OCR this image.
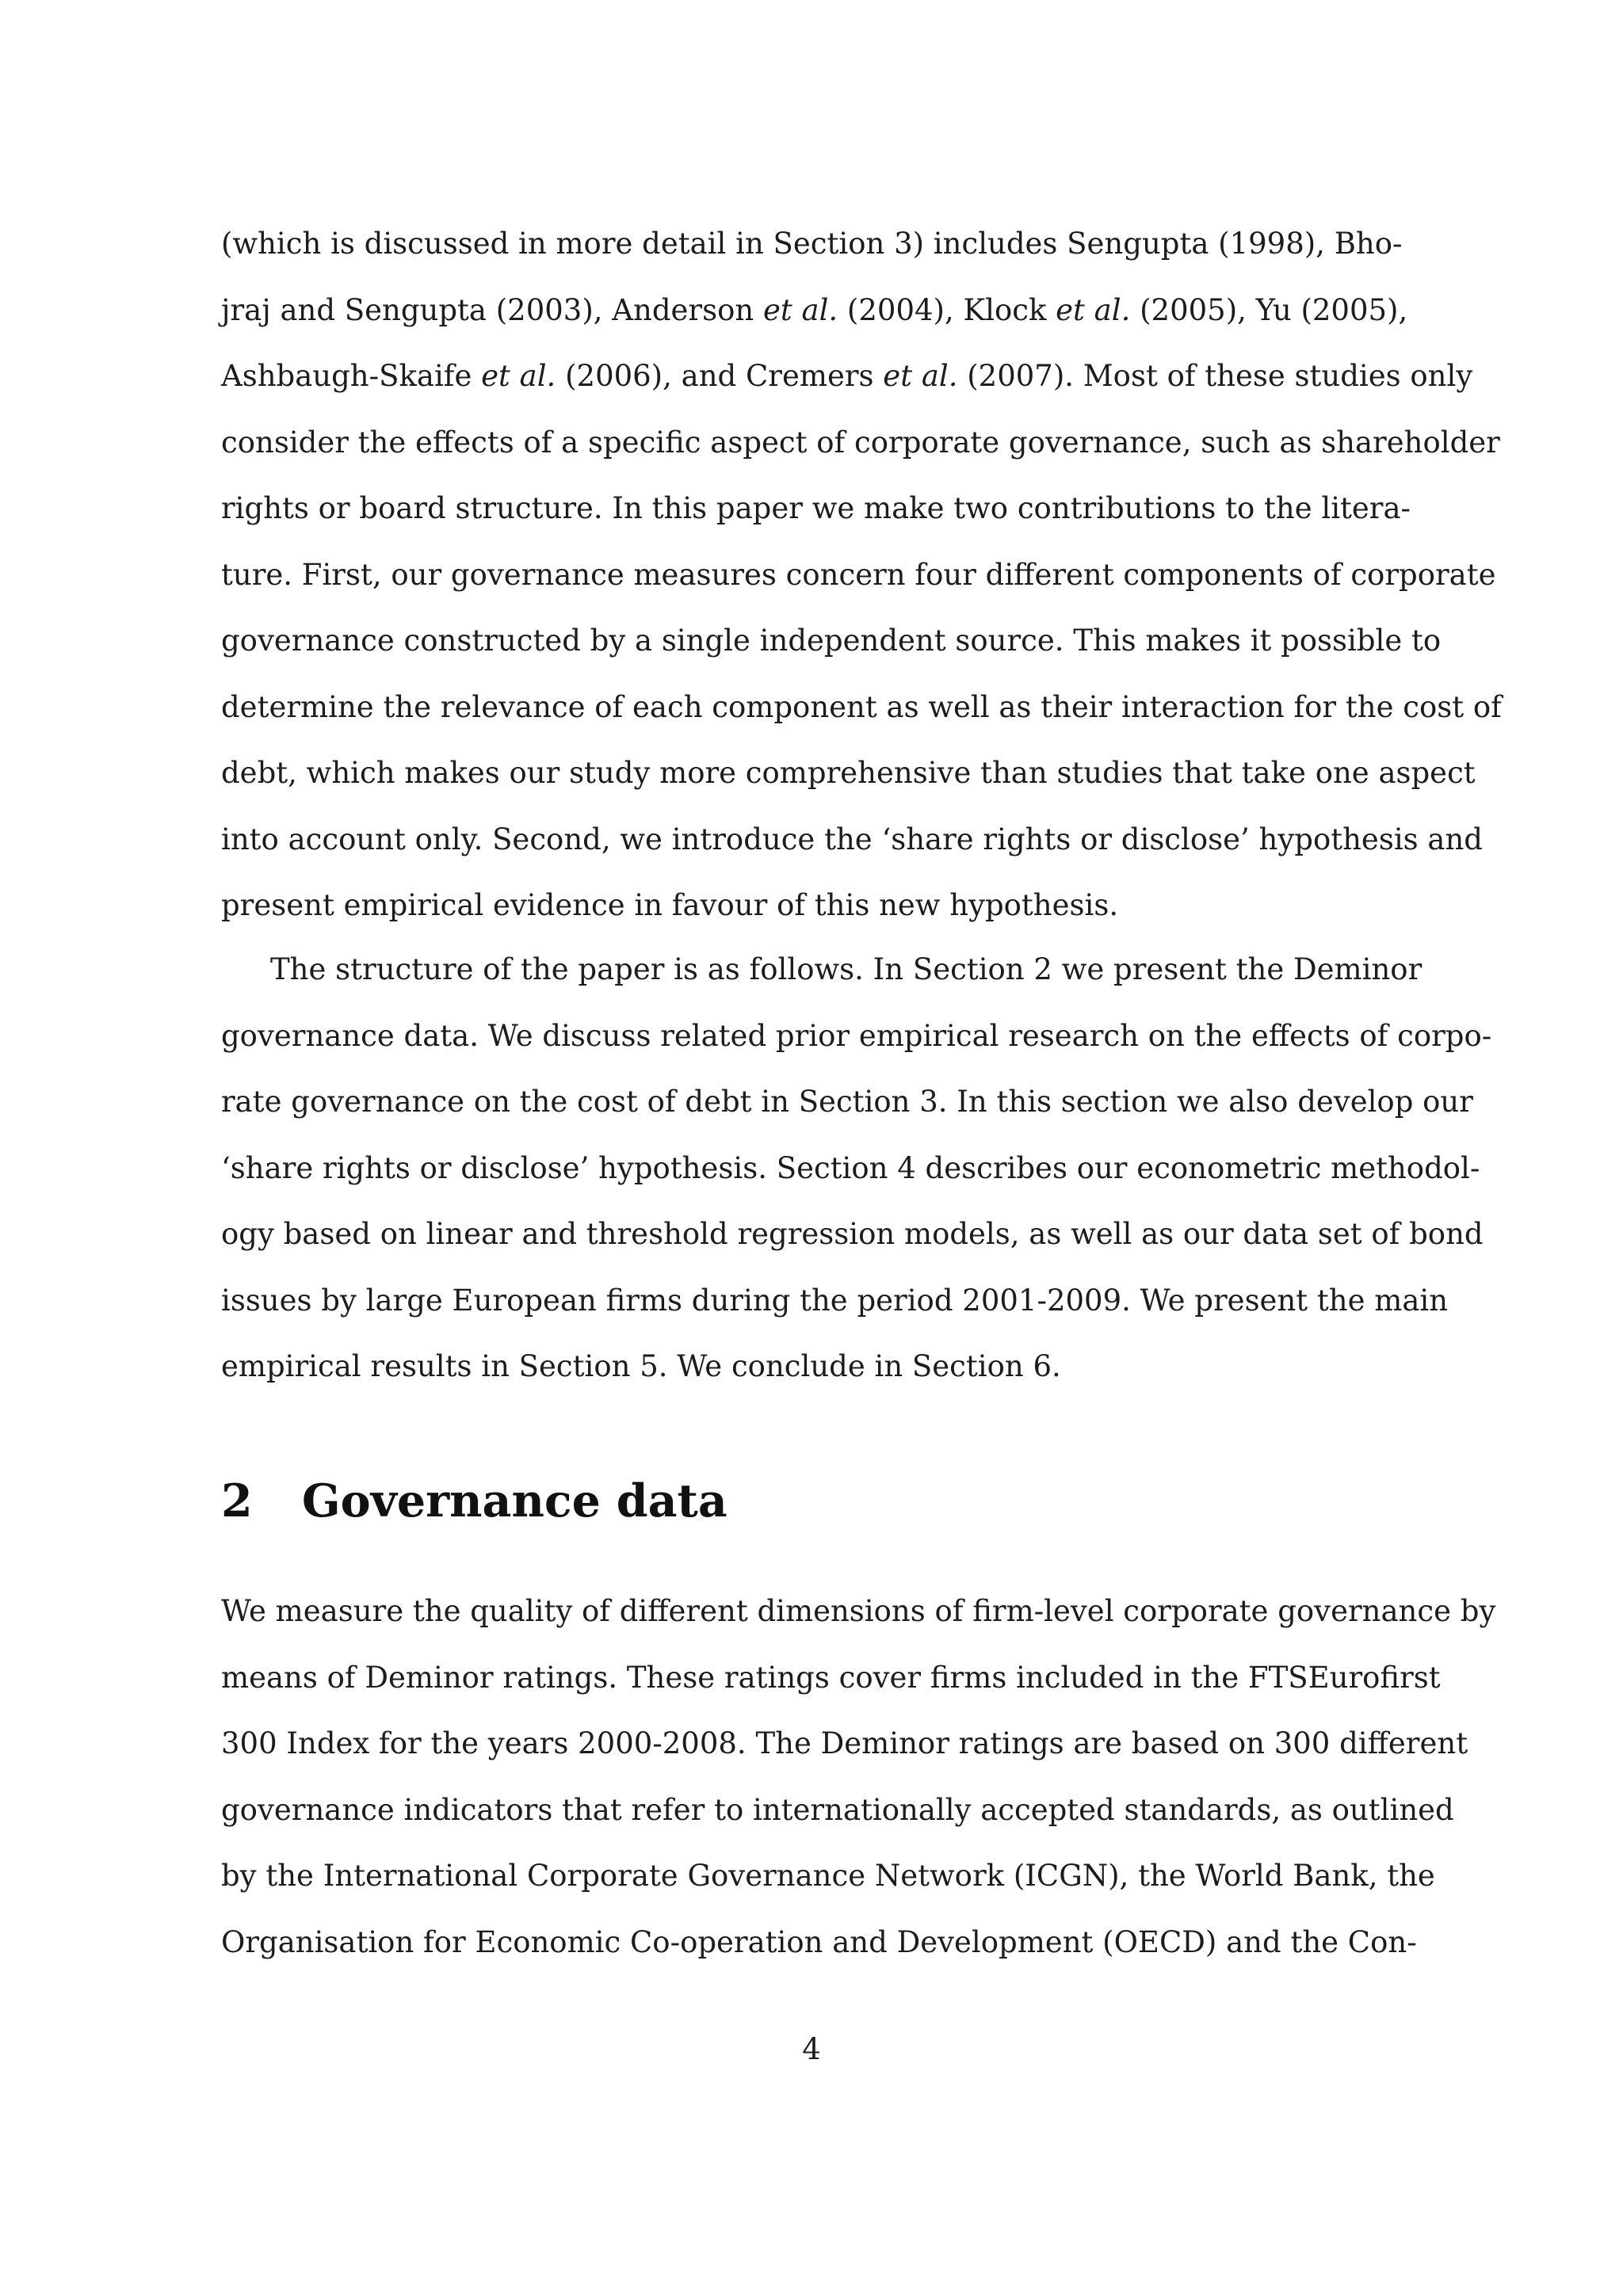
(which is discussed in more detail in Section 3) includes Sengupta (1998), Bho-
jraj and Sengupta (2003), Anderson et al. (2004), Klock et al. (2005), Yu (2005),
Ashbaugh-Skaife et al. (2006), and Cremers et al. (2007). Most of these studies only
consider the effects of a specific aspect of corporate governance, such as shareholder
rights or board structure. In this paper we make two contributions to the litera-
ture. First, our governance measures concern four different components of corporate
governance constructed by a single independent source. This makes it possible to
determine the relevance of each component as well as their interaction for the cost of
debt, which makes our study more comprehensive than studies that take one aspect
into account only. Second, we introduce the ‘share rights or disclose’ hypothesis and
present empirical evidence in favour of this new hypothesis.
The structure of the paper is as follows. In Section 2 we present the Deminor
governance data. We discuss related prior empirical research on the effects of corpo-
rate governance on the cost of debt in Section 3. In this section we also develop our
‘share rights or disclose’ hypothesis. Section 4 describes our econometric methodol-
ogy based on linear and threshold regression models, as well as our data set of bond
issues by large European firms during the period 2001-2009. We present the main
empirical results in Section 5. We conclude in Section 6.
2 Governance data
We measure the quality of different dimensions of firm-level corporate governance by
means of Deminor ratings. These ratings cover firms included in the FTSEurofirst
300 Index for the years 2000-2008. The Deminor ratings are based on 300 different
governance indicators that refer to internationally accepted standards, as outlined
by the International Corporate Governance Network (ICGN), the World Bank, the
Organisation for Economic Co-operation and Development (OECD) and the Con-
4
